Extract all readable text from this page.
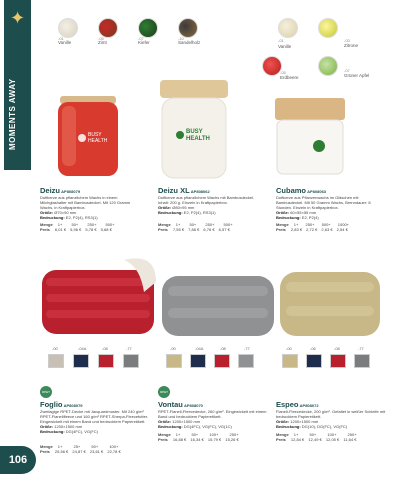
✦
106
-01
Vanille
-05
Zimt
-07
Kiefer
-10
Sandelholz
Vanille
-01	-03
Zitrone
-05
Erdbeere
-07
Grüner Apfel
BUSY
HEALTH
BUSY
HEALTH
Deizu AP808079
Duftkerze aus pflanzlichem Wachs in einem Milchglashalter mit Bambusdeckel. Mit 120 Gramm Wachs, in Kraftpapierbox.
Größe: Ø70×90 mm
Bedruckung: E2, P2(4), RS3(1)
Deizu XL AP808062
Duftkerze aus pflanzlichem Wachs mit Bambusdeckel. Inhalt: 200 g. Einzeln in Kraftpapierbox.
Größe: Ø80×95 mm
Bedruckung: E2, P2(4), RS3(1)
Cubamo AP808063
Duftkerze aus Pflanzenwachs im Gläschen mit Bambusdeckel. Mit 50 Gramm Wachs, Brenndauer: 8 Stunden. Einzeln in Kraftpapierbox.
Größe: 60×55×55 mm
Bedruckung: E2, P2(4)
Menge 1+ 50+ 250+ 500+
Preis 6,01 € 5,96 € 5,78 € 5,68 €
Menge 1+ 50+ 250+ 500+
Preis 7,55 € 7,86 € 6,76 € 6,57 €
Menge 1+ 250+ 500+ 1000+
Preis 2,83 € 2,72 € 2,63 € 2,54 €
-00	-04A	-08	-77	-00	-04A	-08	-77	-00	-06	-08	-77
RPET	RPET
Foglio AP808079
Zweilagige RPET-Decke mit Jacquardmuster. Mit 240 g/m² RPET-Flanellfleece und 160 g/m² RPET-Sherpa-Fleecefutter. Eingewickelt mit einem Band und bedrucktem Papieretikett.
Größe: 1200×1500 mm
Bedruckung: DG(4FC), VG(FC)
Vontau AP808070
RPET-Flanell-Fleecedecke, 260 g/m². Eingewickelt mit einem Band und bedrucktem Papieretikett.
Größe: 1200×1500 mm
Bedruckung: DG(4FC), VG(FC), VG(1C)
Espeo AP808072
Flanell-Fleecedecke, 200 g/m². Gefaltet in weißer Schleife mit bedrucktem Papieretikett.
Größe: 1200×1500 mm
Bedruckung: DG(10), DG(FC), VG(FC)
Menge 1+	25+	50+	100+
Preis 25,56 € 24,87 € 23,61 € 22,78 €
Menge 1+	50+	100+	250+
Preis 16,88 € 16,34 € 15,79 € 15,26 €
Menge 1+	50+	100+	250+
Preis 12,84 € 12,49 € 12,05 € 11,64 €
